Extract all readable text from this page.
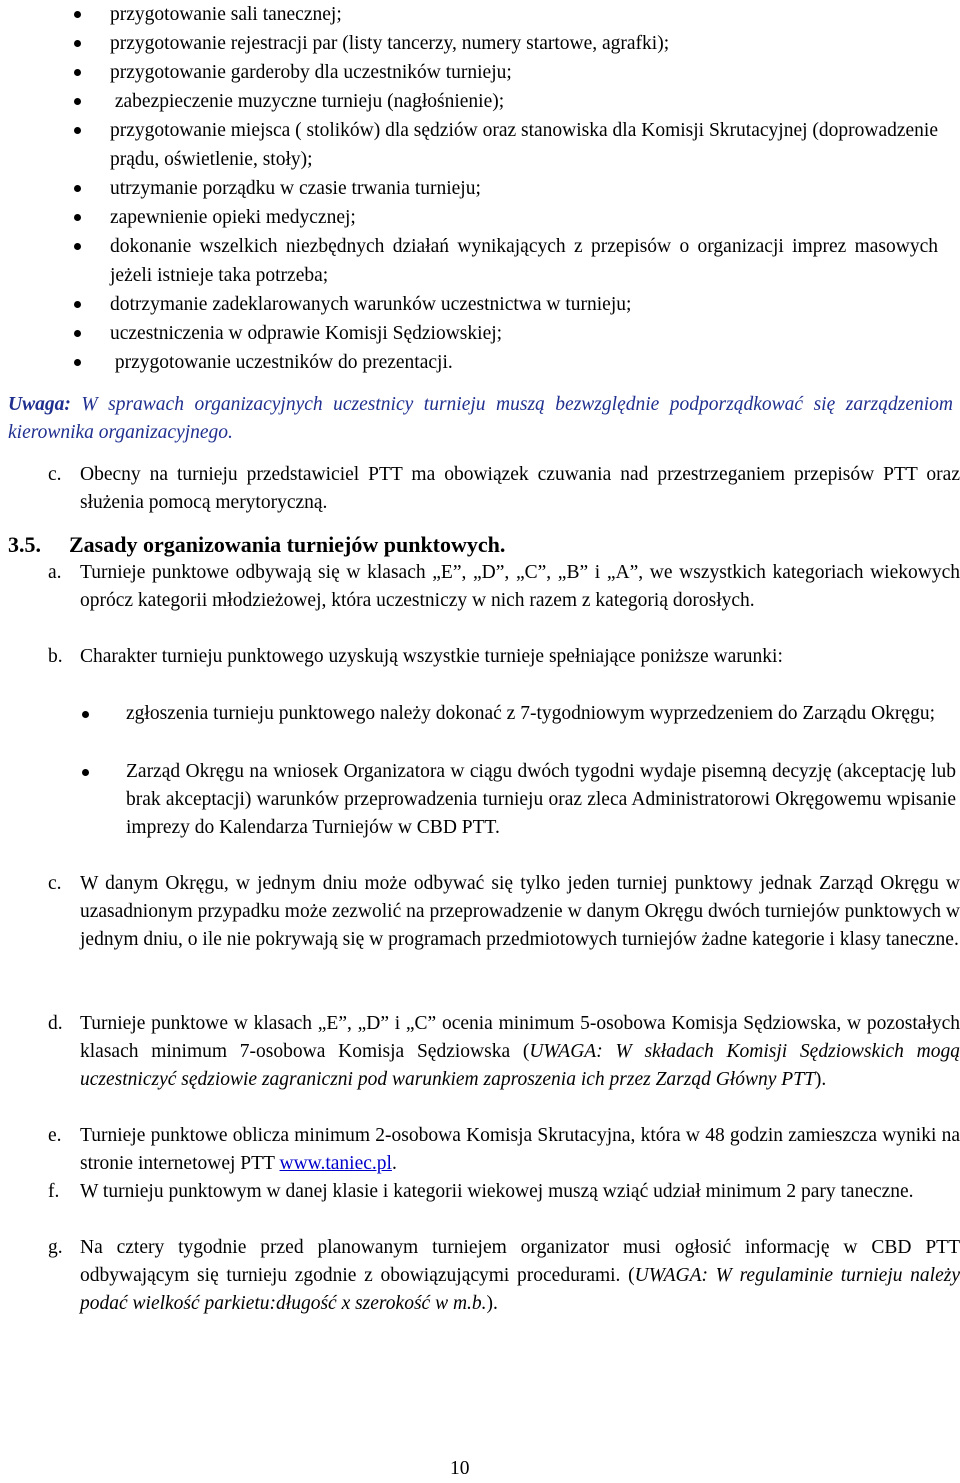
przygotowanie sali tanecznej;

przygotowanie rejestracji par (listy tancerzy, numery startowe, agrafki);

przygotowanie garderoby dla uczestników turnieju;

zabezpieczenie muzyczne turnieju (nagłośnienie);

przygotowanie miejsca ( stolików) dla sędziów oraz stanowiska dla Komisji Skrutacyjnej (doprowadzenie prądu, oświetlenie, stoły);

utrzymanie porządku w czasie trwania turnieju;

zapewnienie opieki medycznej;

dokonanie wszelkich niezbędnych działań wynikających z przepisów o organizacji imprez masowych jeżeli istnieje taka potrzeba;

dotrzymanie zadeklarowanych warunków uczestnictwa w turnieju;

uczestniczenia w odprawie Komisji Sędziowskiej;

przygotowanie uczestników do prezentacji.

Uwaga: W sprawach organizacyjnych uczestnicy turnieju muszą bezwzględnie podporządkować się zarządzeniom kierownika organizacyjnego.
c. Obecny na turnieju przedstawiciel PTT ma obowiązek czuwania nad przestrzeganiem przepisów PTT oraz służenia pomocą merytoryczną.
3.5. Zasady organizowania turniejów punktowych.
a. Turnieje punktowe odbywają się w klasach „E”, „D”, „C”, „B” i „A”, we wszystkich kategoriach wiekowych oprócz kategorii młodzieżowej, która uczestniczy w nich razem z kategorią dorosłych.
b. Charakter turnieju punktowego uzyskują wszystkie turnieje spełniające poniższe warunki:
zgłoszenia turnieju punktowego należy dokonać z 7-tygodniowym wyprzedzeniem do Zarządu Okręgu;
Zarząd Okręgu na wniosek Organizatora w ciągu dwóch tygodni wydaje pisemną decyzję (akceptację lub brak akceptacji) warunków przeprowadzenia turnieju oraz zleca Administratorowi Okręgowemu wpisanie imprezy do Kalendarza Turniejów w CBD PTT.
c. W danym Okręgu, w jednym dniu może odbywać się tylko jeden turniej punktowy jednak Zarząd Okręgu w uzasadnionym przypadku może zezwolić na przeprowadzenie w danym Okręgu dwóch turniejów punktowych w jednym dniu, o ile nie pokrywają się w programach przedmiotowych turniejów żadne kategorie i klasy taneczne.
d. Turnieje punktowe w klasach „E”, „D” i „C” ocenia minimum 5-osobowa Komisja Sędziowska, w pozostałych klasach minimum 7-osobowa Komisja Sędziowska (UWAGA: W składach Komisji Sędziowskich mogą uczestniczyć sędziowie zagraniczni pod warunkiem zaproszenia ich przez Zarząd Główny PTT).
e. Turnieje punktowe oblicza minimum 2-osobowa Komisja Skrutacyjna, która w 48 godzin zamieszcza wyniki na stronie internetowej PTT www.taniec.pl.
f. W turnieju punktowym w danej klasie i kategorii wiekowej muszą wziąć udział minimum 2 pary taneczne.
g. Na cztery tygodnie przed planowanym turniejem organizator musi ogłosić informację w CBD PTT odbywającym się turnieju zgodnie z obowiązującymi procedurami. (UWAGA: W regulaminie turnieju należy podać wielkość parkietu:długość x szerokość w m.b.).
10
